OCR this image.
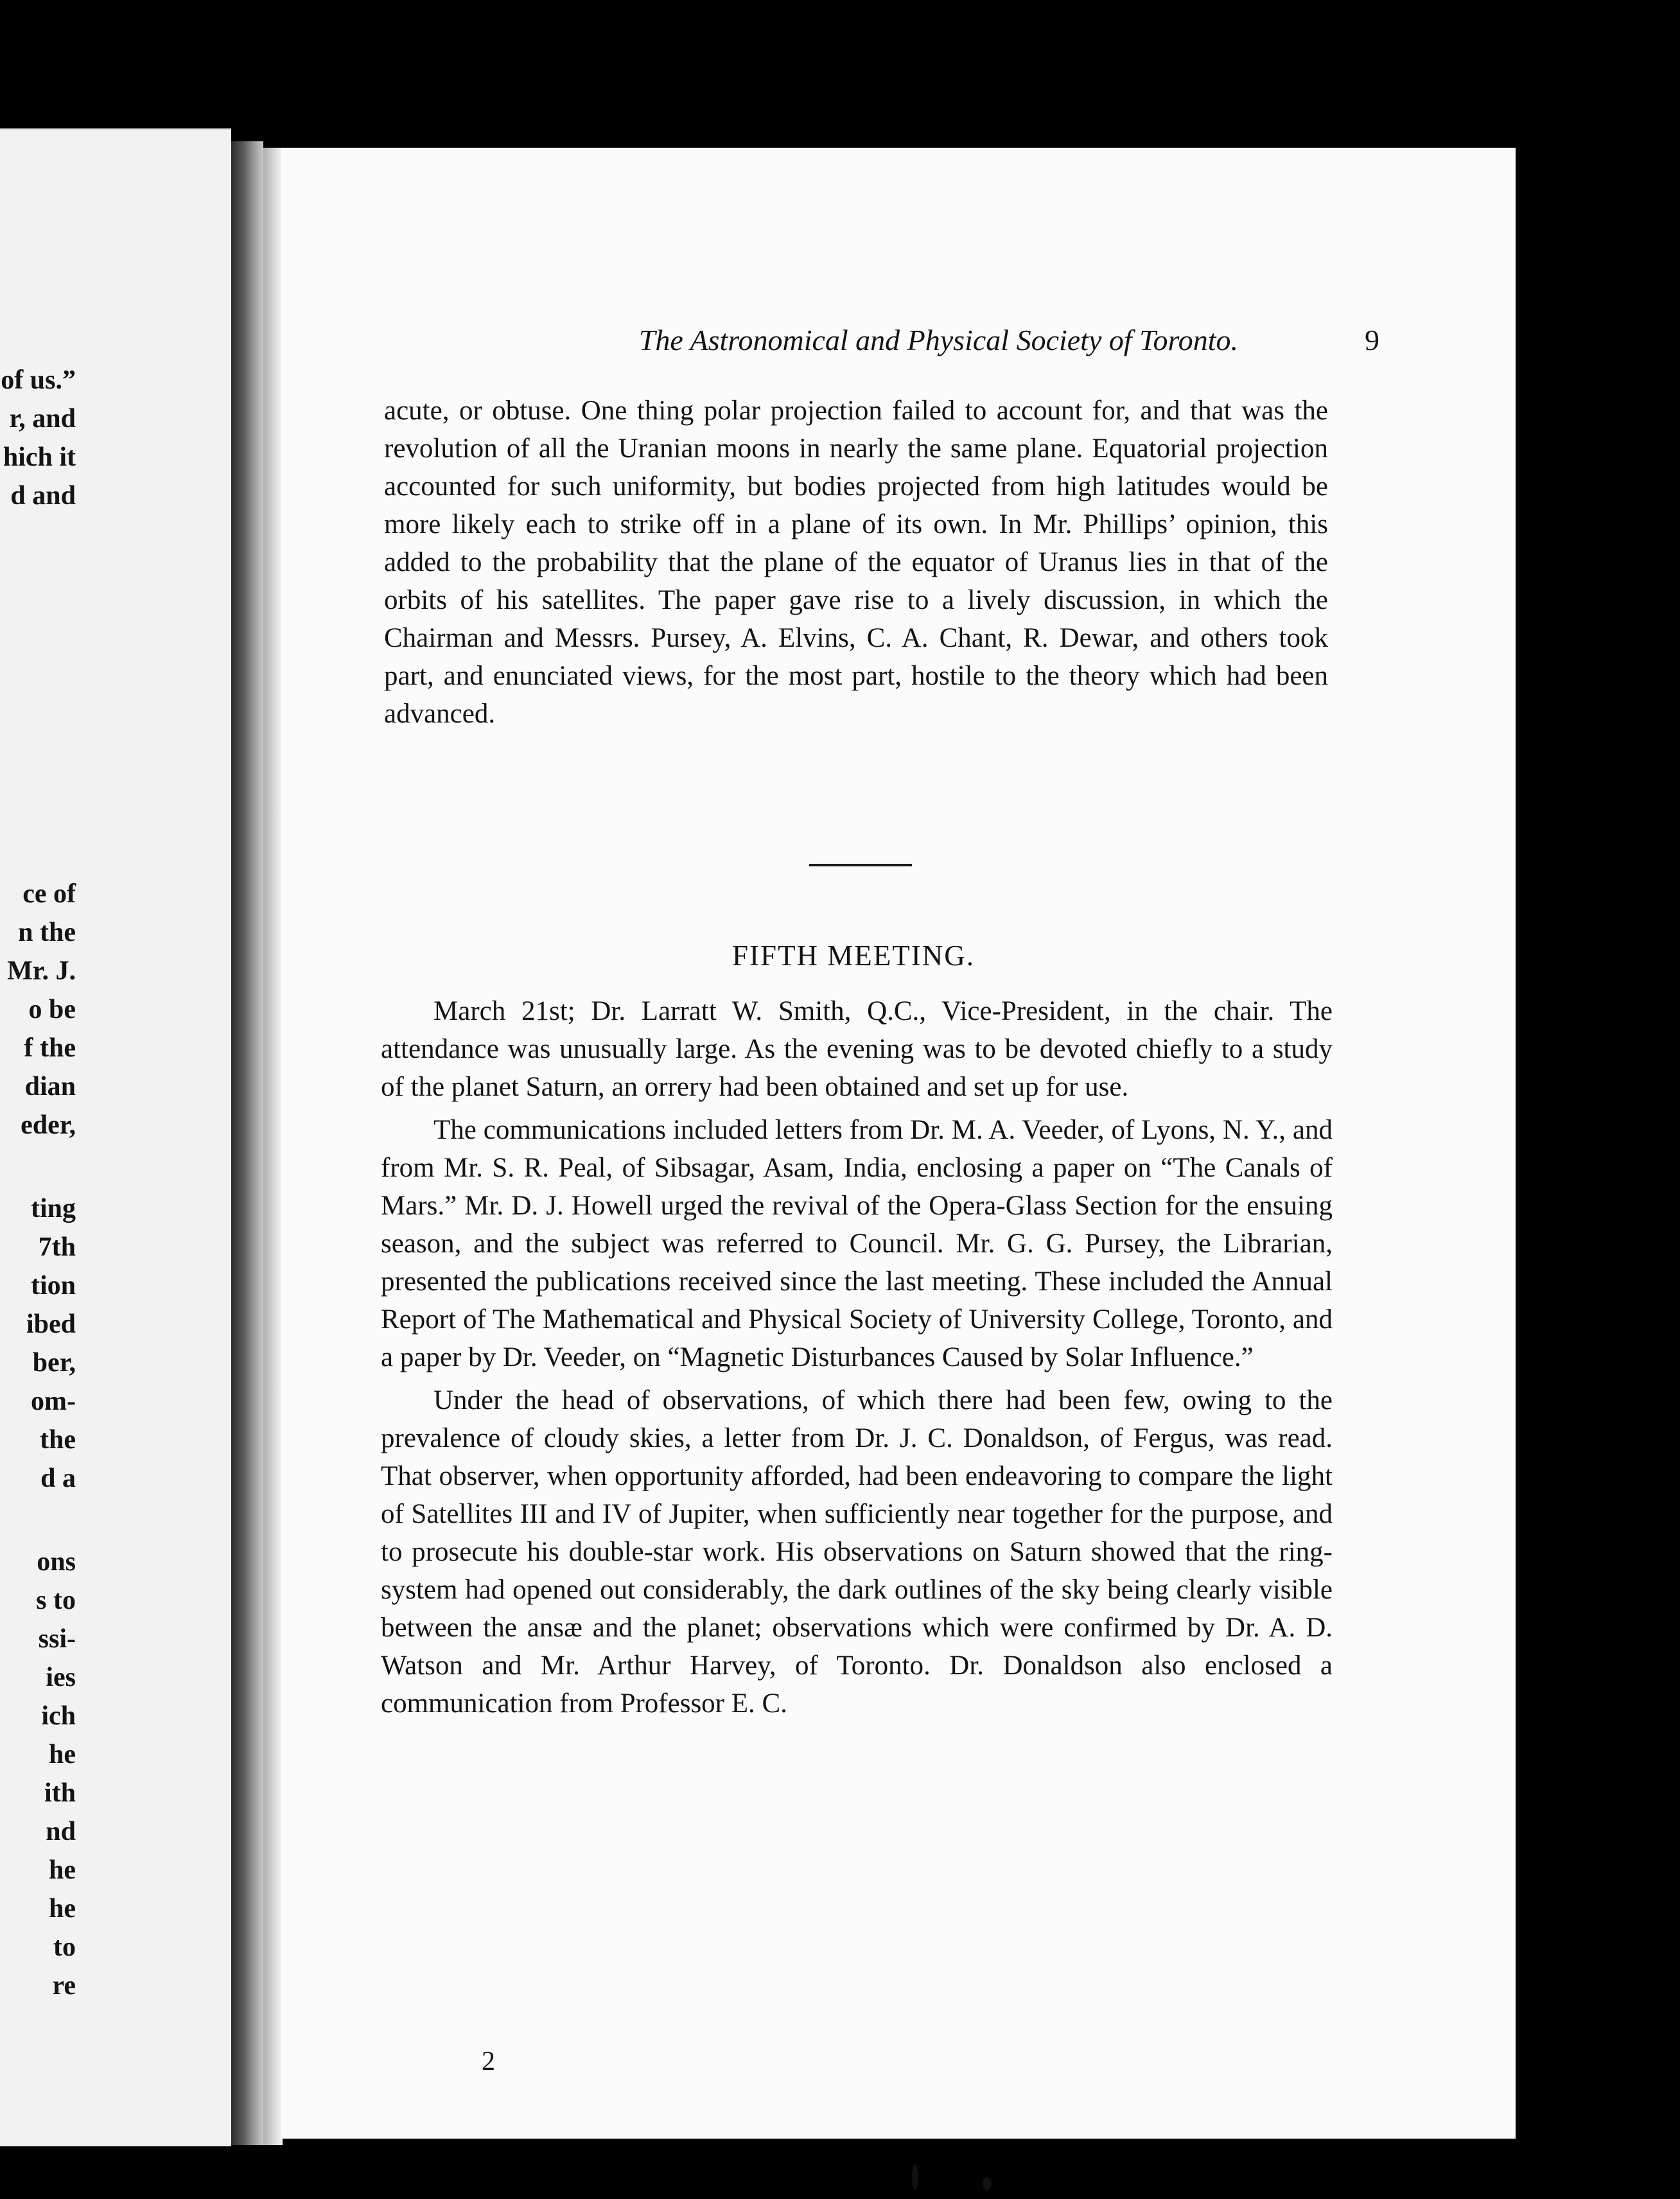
of us.”
r, and
hich it
d and
ce of
n the
Mr. J.
o be
f the
dian
eder,
ting
7th
tion
ibed
ber,
om-
the
d a
ons
s to
ssi-
ies
ich
he
ith
nd
he
he
to
re
The Astronomical and Physical Society of Toronto.	9

acute, or obtuse. One thing polar projection failed to account for, and that was the revolution of all the Uranian moons in nearly the same plane. Equatorial projection accounted for such uniformity, but bodies projected from high latitudes would be more likely each to strike off in a plane of its own. In Mr. Phillips’ opinion, this added to the probability that the plane of the equator of Uranus lies in that of the orbits of his satellites. The paper gave rise to a lively discussion, in which the Chairman and Messrs. Pursey, A. Elvins, C. A. Chant, R. Dewar, and others took part, and enunciated views, for the most part, hostile to the theory which had been advanced.

FIFTH MEETING.

March 21st; Dr. Larratt W. Smith, Q.C., Vice-President, in the chair. The attendance was unusually large. As the evening was to be devoted chiefly to a study of the planet Saturn, an orrery had been obtained and set up for use.

The communications included letters from Dr. M. A. Veeder, of Lyons, N. Y., and from Mr. S. R. Peal, of Sibsagar, Asam, India, enclosing a paper on “The Canals of Mars.” Mr. D. J. Howell urged the revival of the Opera-Glass Section for the ensuing season, and the subject was referred to Council. Mr. G. G. Pursey, the Librarian, presented the publications received since the last meeting. These included the Annual Report of The Mathematical and Physical Society of University College, Toronto, and a paper by Dr. Veeder, on “Magnetic Disturbances Caused by Solar Influence.”

Under the head of observations, of which there had been few, owing to the prevalence of cloudy skies, a letter from Dr. J. C. Donaldson, of Fergus, was read. That observer, when opportunity afforded, had been endeavoring to compare the light of Satellites III and IV of Jupiter, when sufficiently near together for the purpose, and to prosecute his double-star work. His observations on Saturn showed that the ring-system had opened out considerably, the dark outlines of the sky being clearly visible between the ansæ and the planet; observations which were confirmed by Dr. A. D. Watson and Mr. Arthur Harvey, of Toronto. Dr. Donaldson also enclosed a communication from Professor E. C.

2
